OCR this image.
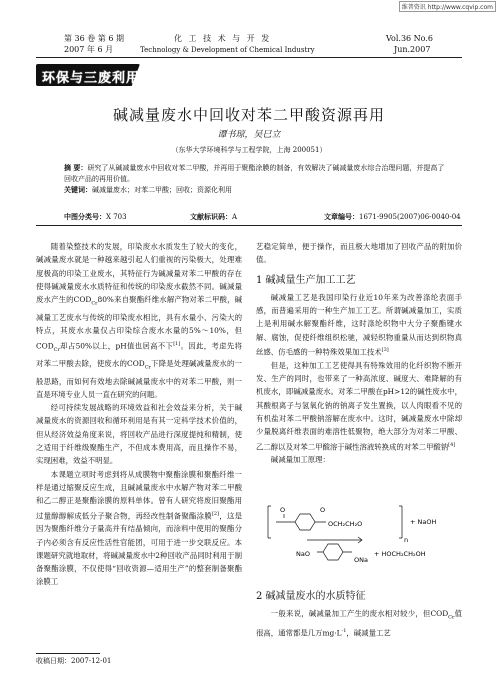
维普资讯 http://www.cqvip.com
第 36 卷 第 6 期
2007 年 6 月
化 工 技 术 与 开 发
Technology & Development of Chemical Industry
Vol.36 No.6
Jun.2007
环保与三废利用
碱减量废水中回收对苯二甲酸资源再用
谭书琼，吴巳立
（东华大学环境科学与工程学院，上海 200051）
摘 要：研究了从碱减量废水中回收对苯二甲酸，并再用于聚酯涂膜的制备，有效解决了碱减量废水综合治理问题，并提高了回收产品的再用价值。
关键词：碱减量废水；对苯二甲酸；回收；资源化利用
中图分类号：X 703	文献标识码：A	文章编号：1671-9905(2007)06-0040-04

随着染整技术的发展，印染废水水质发生了较大的变化，碱减量废水就是一种越来越引起人们重视的污染极大，处理难度极高的印染工业废水，其特征行为碱减量对苯二甲酸的存在使得碱减量废水水质特征和传统的印染废水截然不同。碱减量废水产生的$COD_{Cr}80\%$来自聚酯纤维水解产物对苯二甲酸，碱减量工艺废水与传统的印染废水相比，具有水量小、污染大的特点，其废水水量仅占印染综合废水水量的5%～10%，但$COD_{Cr}$却占50%以上，pH值也居高不下[1]。因此，考虑先将对苯二甲酸去除，使废水的$COD_{Cr}$下降是处理碱减量废水的一般思路，而如何有效地去除碱减量废水中的对苯二甲酸，则一直是环境专业人员一直在研究的问题。

经可持续发展战略的环境效益和社会效益来分析，关于碱减量废水的资源回收和循环利用是有其一定科学技术价值的，但从经济效益角度来说，将回收产品进行深度提纯和精制，使之适用于纤维级聚酯生产，不但成本费用高，而且操作不易，实现困难，效益不明显。

本课题立项时考虑到将从成膜物中聚酯涂膜和聚酯纤维一样是通过缩聚反应生成，且碱减量废水中水解产物对苯二甲酸和乙二醇正是聚酯涂膜的原料单体。曾有人研究将废旧聚酯用过量醇醇解成低分子聚合物，再经改性制备聚酯涂膜[2]，这是因为聚酯纤维分子量高并有结晶倾向，而涂料中使用的聚酯分子内必须含有反应性活性官能团，可用于进一步交联反应。本课题研究就地取材，将碱减量废水中2种回收产品同时利用于制备聚酯涂膜，不仅使得“回收资源—适用生产”的整套制备聚酯涂膜工

艺稳定简单，便于操作，而且极大地增加了回收产品的附加价值。

1 碱减量生产加工工艺

碱减量工艺是我国印染行业近10年来为改善涤纶表面手感，而普遍采用的一种生产加工工艺。所谓碱减量加工，实质上是利用碱水解聚酯纤维，这时涤纶织物中大分子聚酯键水解、腐蚀，促使纤维组织松驰，减轻织物重量从而达到织物真丝感、仿毛感的一种特殊效果加工技术[3]

但是，这种加工工艺使得具有特殊效用的化纤织物不断开发、生产的同时，也带来了一种高浓度、碱度大、难降解的有机废水，即碱减量废水。对苯二甲酸在pH>12的碱性废水中，其酸根离子与氢氧化钠的钠离子发生置换，以人肉眼看不见的有机盐对苯二甲酸钠溶解在废水中。这时，碱减量废水中除却少量脱离纤维表面的难溶性低聚物，绝大部分为对苯二甲酸、乙二醇以及对苯二甲酸溶于碱性溶液转换成的对苯二甲酸钠[4]

碱减量加工原理：

O	O
OCH₂CH₂O
n
+ NaOH
NaO
ONa
+ HOCH₂CH₂OH
2 碱减量废水的水质特征

一般来说，碱减量加工产生的废水相对较少，但$COD_{Cr}$值很高，通常都是几万$mg\cdot L^{-1}$，碱减量工艺

收稿日期：2007-12-01
